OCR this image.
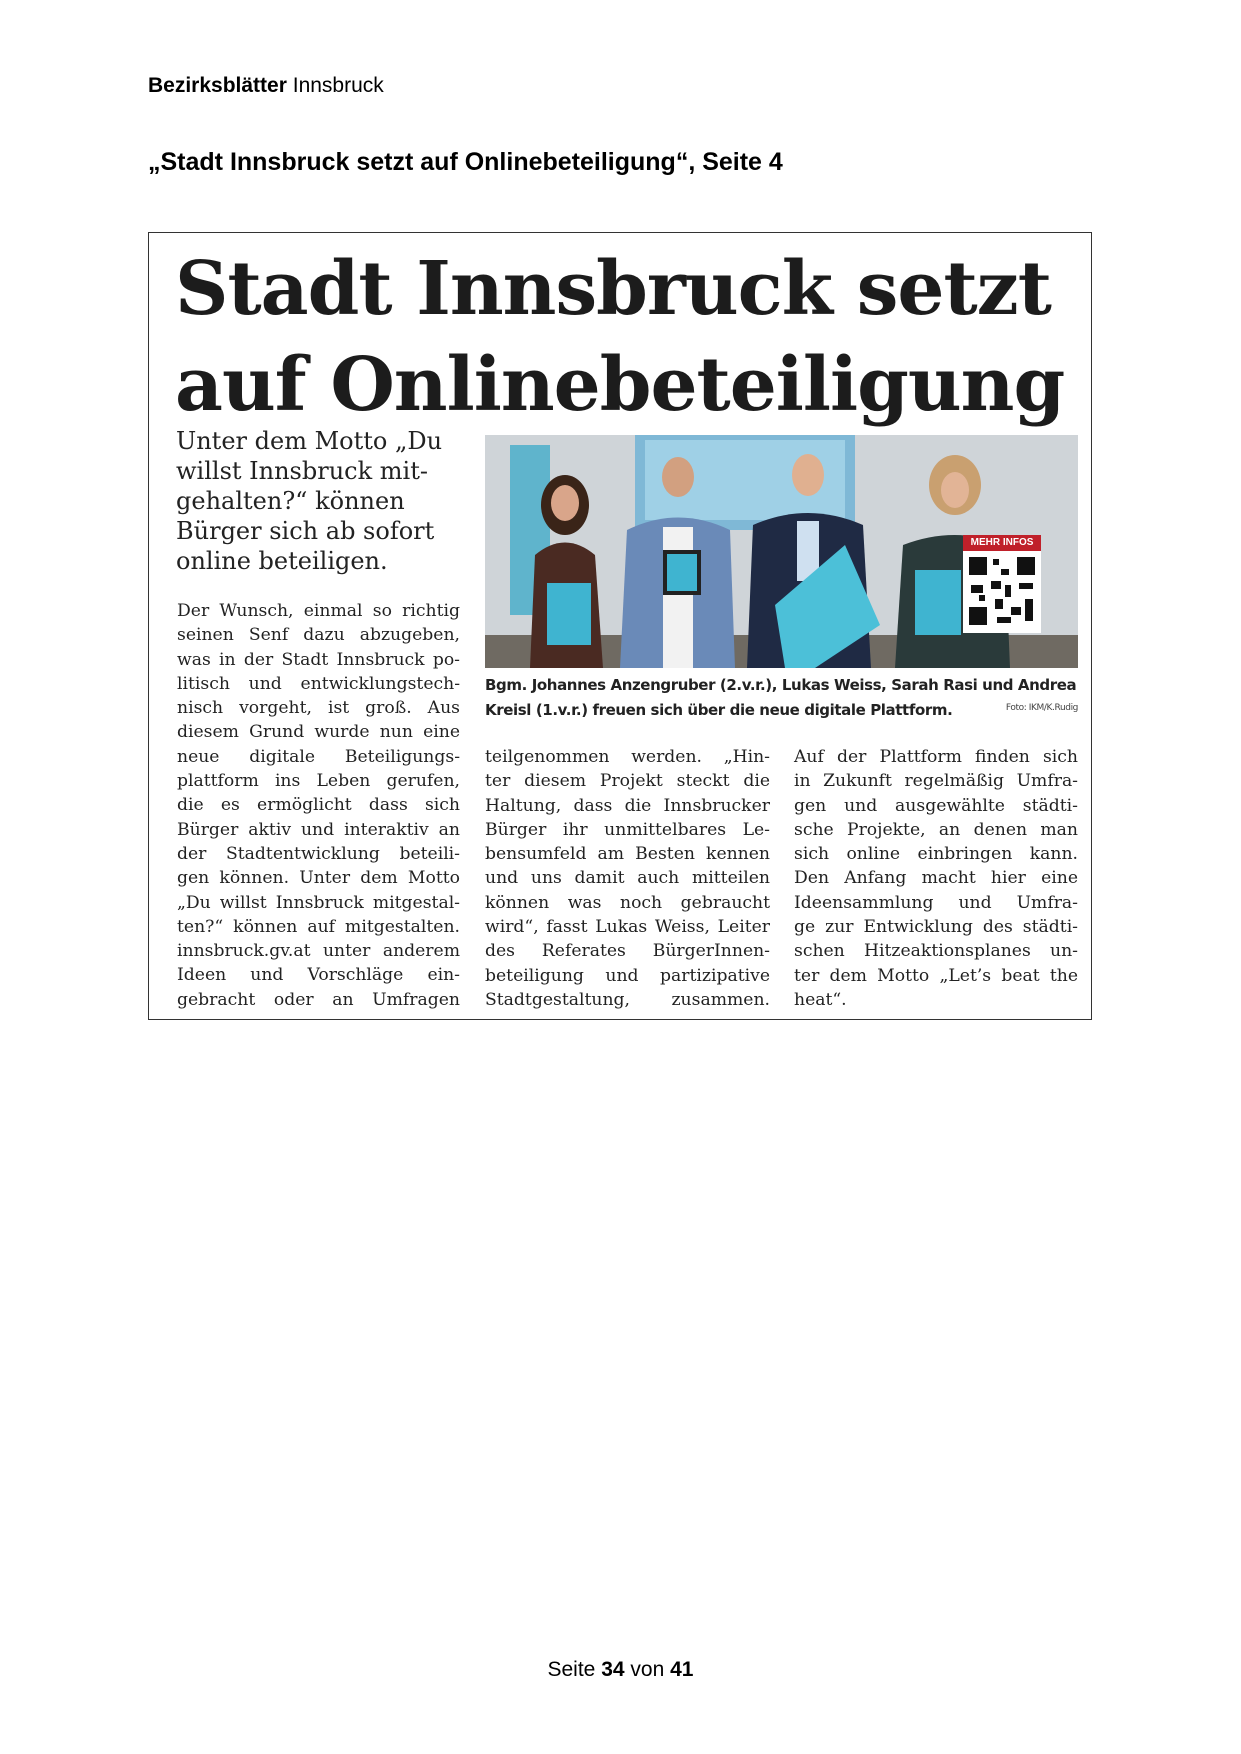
Bezirksblätter Innsbruck
„Stadt Innsbruck setzt auf Onlinebeteiligung“, Seite 4
Stadt Innsbruck setzt
auf Onlinebeteiligung
Unter dem Motto „Du
willst Innsbruck mit-
gehalten?“ können
Bürger sich ab sofort
online beteiligen.
MEHR INFOS
Bgm. Johannes Anzengruber (2.v.r.), Lukas Weiss, Sarah Rasi und Andrea
Kreisl (1.v.r.) freuen sich über die neue digitale Plattform.	Foto: IKM/K.Rudig
Der Wunsch, einmal so richtig
seinen Senf dazu abzugeben,
was in der Stadt Innsbruck po-
litisch und entwicklungstech-
nisch vorgeht, ist groß. Aus
diesem Grund wurde nun eine
neue digitale Beteiligungs-
plattform ins Leben gerufen,
die es ermöglicht dass sich
Bürger aktiv und interaktiv an
der Stadtentwicklung beteili-
gen können. Unter dem Motto
„Du willst Innsbruck mitgestal-
ten?“ können auf mitgestalten.
innsbruck.gv.at unter anderem
Ideen und Vorschläge ein-
gebracht oder an Umfragen
teilgenommen werden. „Hin-
ter diesem Projekt steckt die
Haltung, dass die Innsbrucker
Bürger ihr unmittelbares Le-
bensumfeld am Besten kennen
und uns damit auch mitteilen
können was noch gebraucht
wird“, fasst Lukas Weiss, Leiter
des Referates BürgerInnen-
beteiligung und partizipative
Stadtgestaltung, zusammen.
Auf der Plattform finden sich
in Zukunft regelmäßig Umfra-
gen und ausgewählte städti-
sche Projekte, an denen man
sich online einbringen kann.
Den Anfang macht hier eine
Ideensammlung und Umfra-
ge zur Entwicklung des städti-
schen Hitzeaktionsplanes un-
ter dem Motto „Let’s beat the
heat“.
Seite 34 von 41
